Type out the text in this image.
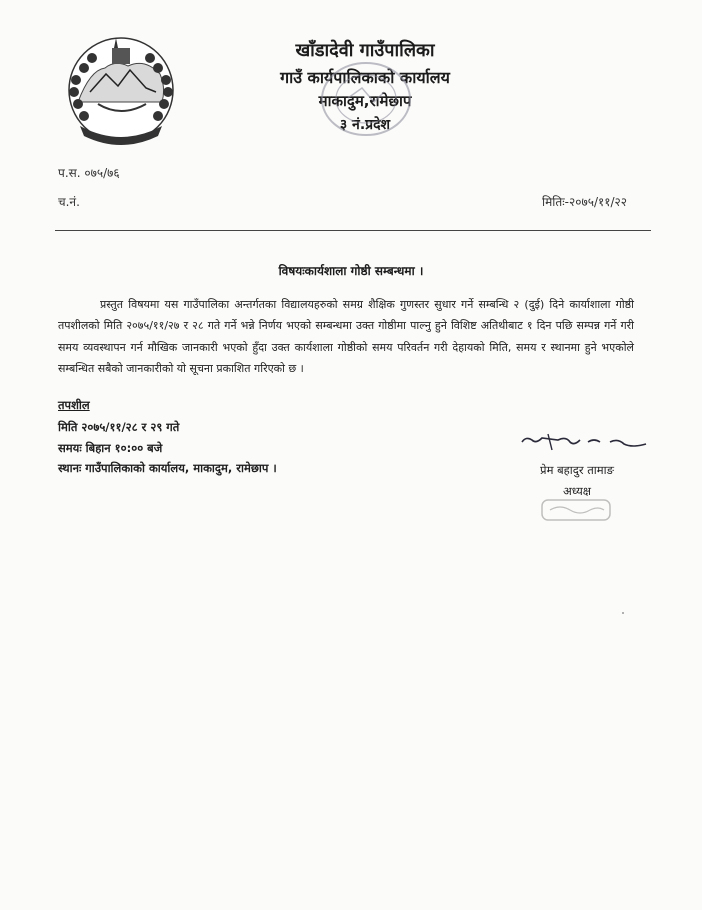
खाँडादेवी गाउँपालिका
गाउँ कार्यपालिकाको कार्यालय
माकादुम,रामेछाप
३ नं.प्रदेश
प.स. ०७५/७६
च.नं.	मितिः-२०७५/११/२२
विषयःकार्यशाला गोष्ठी सम्बन्धमा ।

प्रस्तुत विषयमा यस गाउँपालिका अन्तर्गतका विद्यालयहरुको समग्र शैक्षिक गुणस्तर सुधार गर्ने सम्बन्धि २ (दुई) दिने कार्याशाला गोष्ठी तपशीलको मिति २०७५/११/२७ र २८ गते गर्ने भन्ने निर्णय भएको सम्बन्धमा उक्त गोष्ठीमा पाल्नु हुने विशिष्ट अतिथीबाट १ दिन पछि सम्पन्न गर्ने गरी समय व्यवस्थापन गर्न मौखिक जानकारी भएको हुँदा उक्त कार्यशाला गोष्ठीको समय परिवर्तन गरी देहायको मिति, समय र स्थानमा हुने भएकोले सम्बन्धित सबैको जानकारीको यो सूचना प्रकाशित गरिएको छ ।

तपशील
मिति २०७५/११/२८ र २९ गते
समयः बिहान १०:०० बजे
स्थानः गाउँपालिकाको कार्यालय, माकादुम, रामेछाप ।	प्रेम बहादुर तामाङ
अध्यक्ष
